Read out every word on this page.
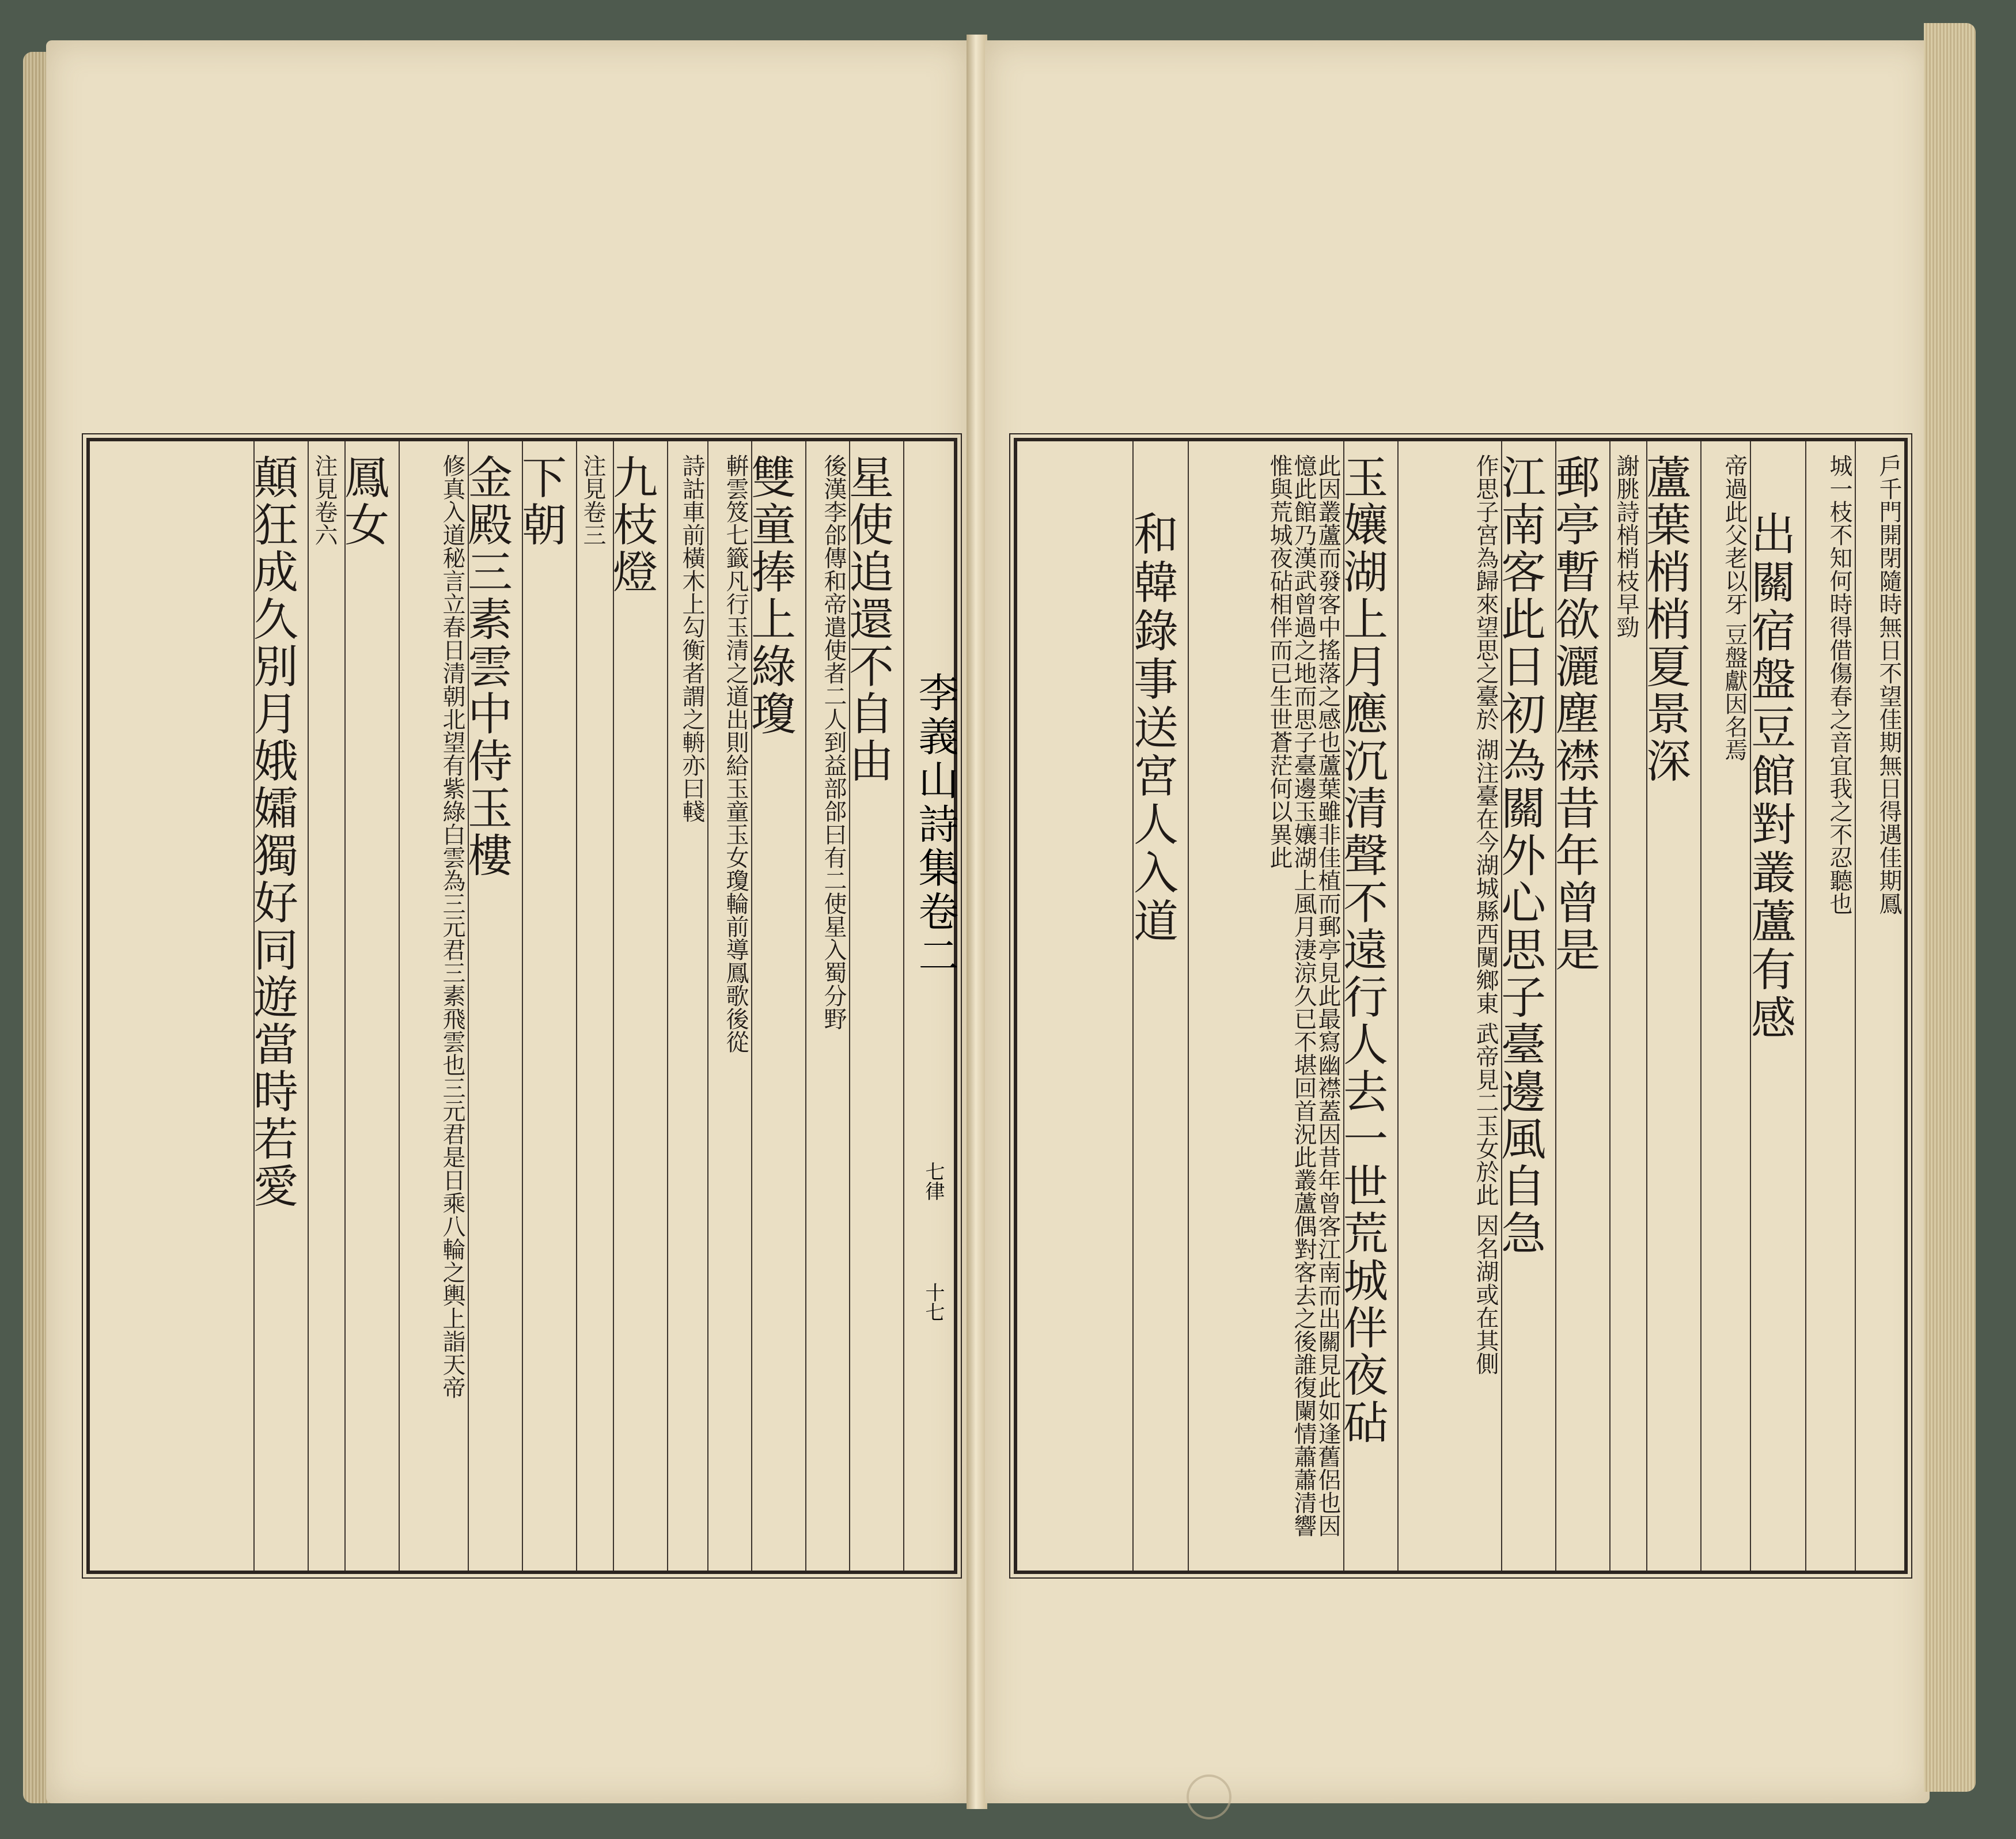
戶千門開閉隨時無日不望佳期無日得遇佳期鳳
城一枝不知何時得借傷春之音宜我之不忍聽也
出關宿盤豆館對叢蘆有感
帝過此父老以牙 豆盤獻因名焉
蘆葉梢梢夏景深
謝朓詩梢梢枝早勁
郵亭暫欲灑塵襟昔年曾是
江南客此日初為關外心思子臺邊風自急
作思子宮為歸來望思之臺於 湖注臺在今湖城縣西闃鄉東 武帝見二玉女於此 因名湖或在其側
玉孃湖上月應沉清聲不遠行人去一世荒城伴夜砧
此因叢蘆而發客中搖落之感也蘆葉雖非佳植而郵亭見此最寫幽襟蓋因昔年曾客江南而出關見此如逢舊侶也因憶此館乃漢武曾過之地而思子臺邊玉孃湖上風月淒涼久已不堪回首況此叢蘆偶對客去之後誰復闌情蕭蕭清響惟與荒城夜砧相伴而已生世蒼茫何以異此
和韓錄事送宮人入道
李義山詩集卷二
七律
十七
星使追還不自由
後漢李郃傳和帝遣使者二人到益部郃曰有二使星入蜀分野
雙童捧上綠瓊
輧雲笈七籤凡行玉清之道出則給玉童玉女瓊輪前導鳳歌後從
詩詁車前橫木上勾衡者謂之輈亦曰輚
九枝燈
注見卷三
下朝
金殿三素雲中侍玉樓
修真入道秘言立春日清朝北望有紫綠白雲為三元君三素飛雲也三元君是日乘八輪之輿上詣天帝
鳳女
注見卷六
顛狂成久別月娥孀獨好同遊當時若愛
